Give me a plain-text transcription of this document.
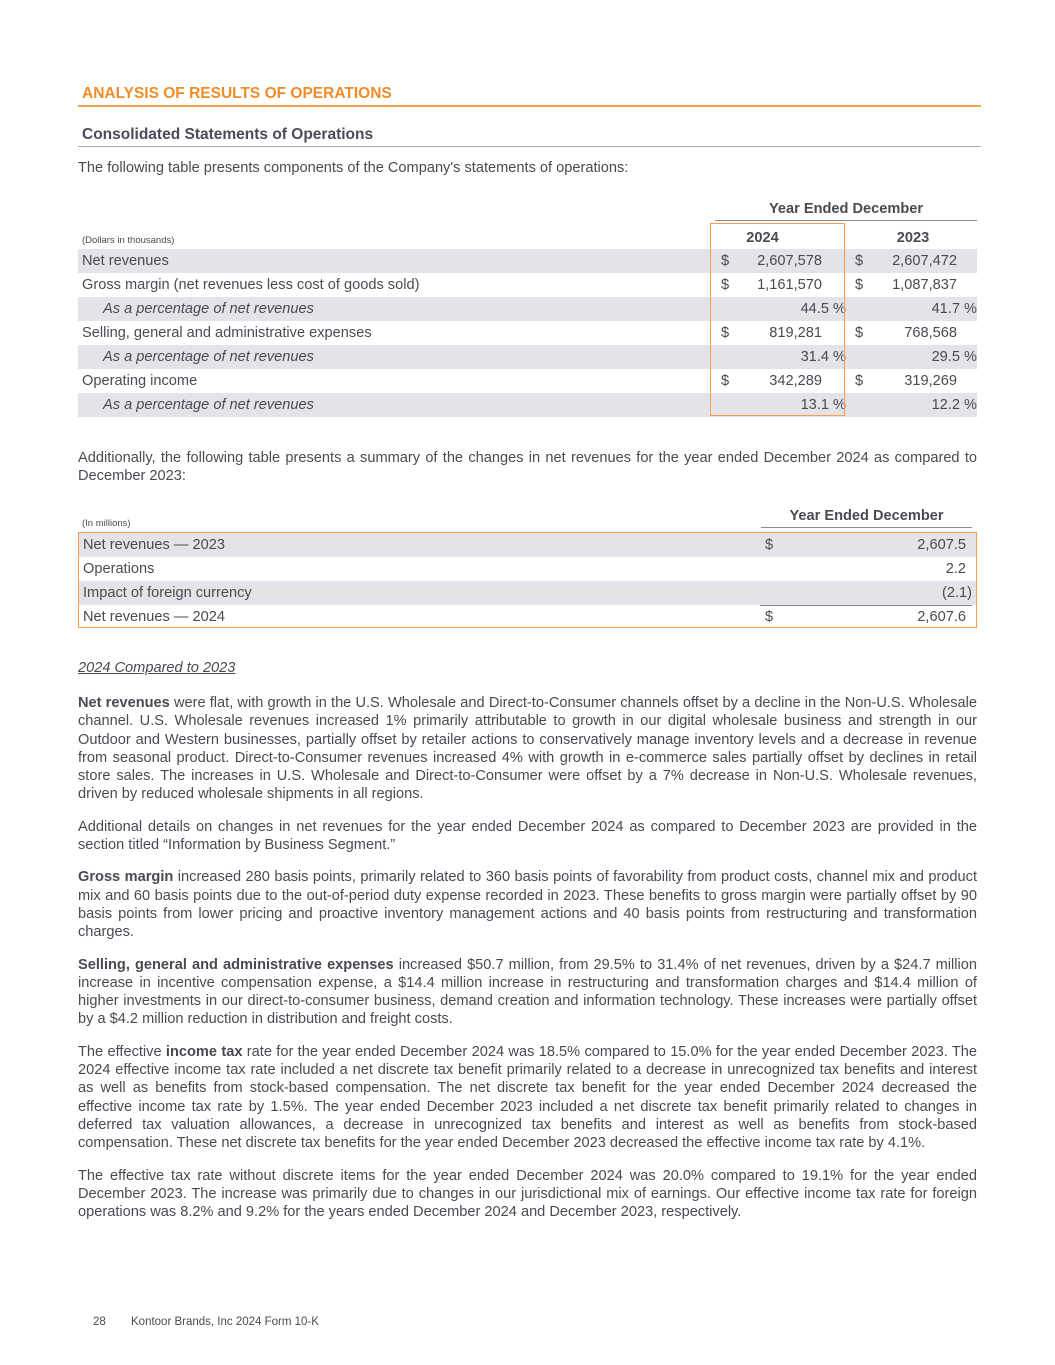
ANALYSIS OF RESULTS OF OPERATIONS
Consolidated Statements of Operations
The following table presents components of the Company's statements of operations:
Year Ended December
(Dollars in thousands)	2024	2023
Net revenues	$ 2,607,578 $ 2,607,472
Gross margin (net revenues less cost of goods sold)	$ 1,161,570 $ 1,087,837
As a percentage of net revenues	44.5 %	41.7 %
Selling, general and administrative expenses	$	819,281 $	768,568
As a percentage of net revenues	31.4 %	29.5 %
Operating income	$	342,289 $	319,269
As a percentage of net revenues	13.1 %	12.2 %

Additionally, the following table presents a summary of the changes in net revenues for the year ended December 2024 as compared to December 2023:

(In millions)	Year Ended December
Net revenues — 2023	$	2,607.5
Operations	2.2
Impact of foreign currency	(2.1)
Net revenues — 2024	$	2,607.6
2024 Compared to 2023

Net revenues were flat, with growth in the U.S. Wholesale and Direct-to-Consumer channels offset by a decline in the Non-U.S. Wholesale channel. U.S. Wholesale revenues increased 1% primarily attributable to growth in our digital wholesale business and strength in our Outdoor and Western businesses, partially offset by retailer actions to conservatively manage inventory levels and a decrease in revenue from seasonal product. Direct-to-Consumer revenues increased 4% with growth in e-commerce sales partially offset by declines in retail store sales. The increases in U.S. Wholesale and Direct-to-Consumer were offset by a 7% decrease in Non-U.S. Wholesale revenues, driven by reduced wholesale shipments in all regions.

Additional details on changes in net revenues for the year ended December 2024 as compared to December 2023 are provided in the section titled “Information by Business Segment.”

Gross margin increased 280 basis points, primarily related to 360 basis points of favorability from product costs, channel mix and product mix and 60 basis points due to the out-of-period duty expense recorded in 2023. These benefits to gross margin were partially offset by 90 basis points from lower pricing and proactive inventory management actions and 40 basis points from restructuring and transformation charges.

Selling, general and administrative expenses increased $50.7 million, from 29.5% to 31.4% of net revenues, driven by a $24.7 million increase in incentive compensation expense, a $14.4 million increase in restructuring and transformation charges and $14.4 million of higher investments in our direct-to-consumer business, demand creation and information technology. These increases were partially offset by a $4.2 million reduction in distribution and freight costs.

The effective income tax rate for the year ended December 2024 was 18.5% compared to 15.0% for the year ended December 2023. The 2024 effective income tax rate included a net discrete tax benefit primarily related to a decrease in unrecognized tax benefits and interest as well as benefits from stock-based compensation. The net discrete tax benefit for the year ended December 2024 decreased the effective income tax rate by 1.5%. The year ended December 2023 included a net discrete tax benefit primarily related to changes in deferred tax valuation allowances, a decrease in unrecognized tax benefits and interest as well as benefits from stock-based compensation. These net discrete tax benefits for the year ended December 2023 decreased the effective income tax rate by 4.1%.

The effective tax rate without discrete items for the year ended December 2024 was 20.0% compared to 19.1% for the year ended December 2023. The increase was primarily due to changes in our jurisdictional mix of earnings. Our effective income tax rate for foreign operations was 8.2% and 9.2% for the years ended December 2024 and December 2023, respectively.

28 Kontoor Brands, Inc 2024 Form 10-K
